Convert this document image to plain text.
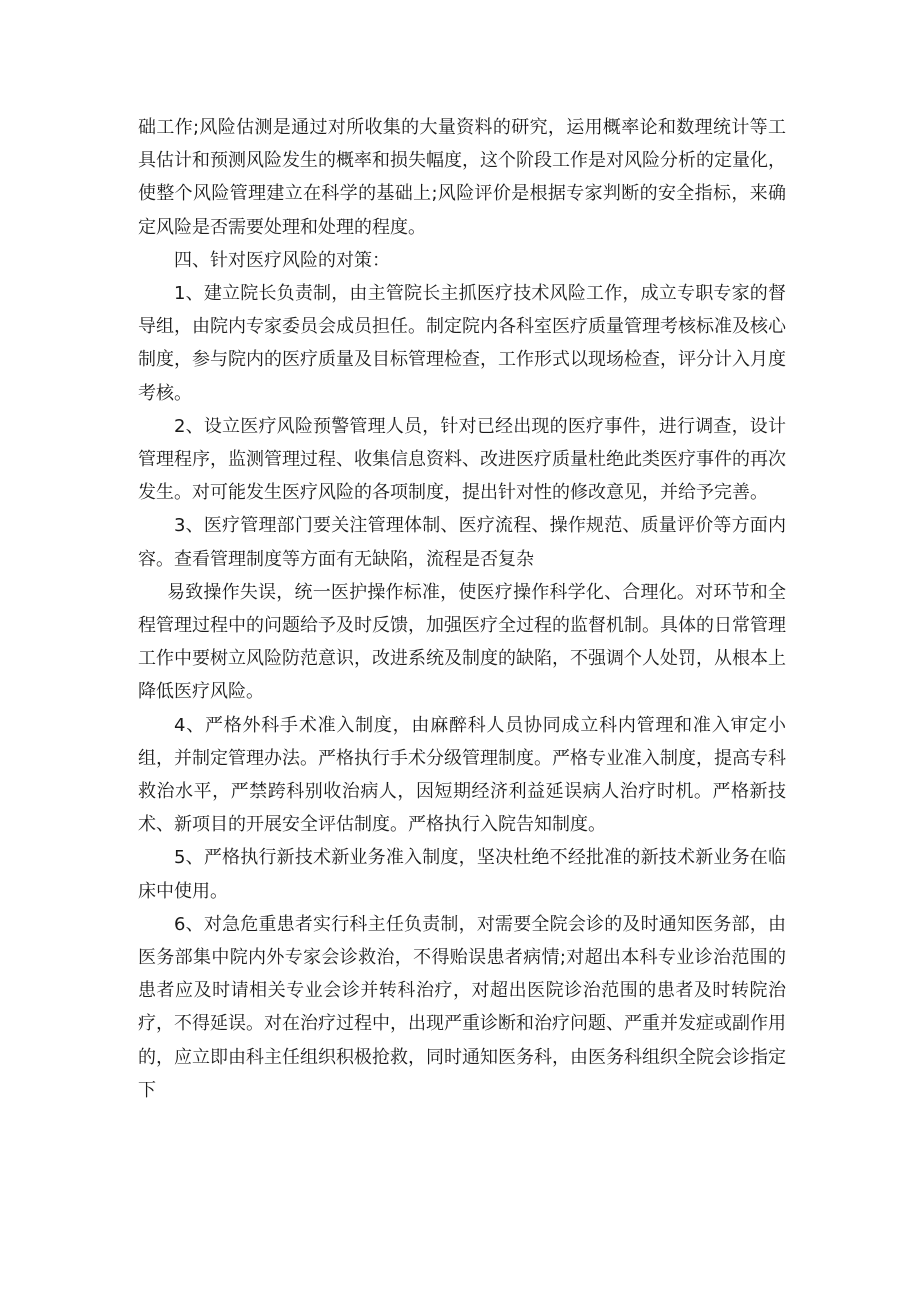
础工作;风险估测是通过对所收集的大量资料的研究，运用概率论和数理统计等工具估计和预测风险发生的概率和损失幅度，这个阶段工作是对风险分析的定量化，使整个风险管理建立在科学的基础上;风险评价是根据专家判断的安全指标，来确定风险是否需要处理和处理的程度。

四、针对医疗风险的对策：

1、建立院长负责制，由主管院长主抓医疗技术风险工作，成立专职专家的督导组，由院内专家委员会成员担任。制定院内各科室医疗质量管理考核标准及核心制度，参与院内的医疗质量及目标管理检查，工作形式以现场检查，评分计入月度考核。

2、设立医疗风险预警管理人员，针对已经出现的医疗事件，进行调查，设计管理程序，监测管理过程、收集信息资料、改进医疗质量杜绝此类医疗事件的再次发生。对可能发生医疗风险的各项制度，提出针对性的修改意见，并给予完善。

3、医疗管理部门要关注管理体制、医疗流程、操作规范、质量评价等方面内容。查看管理制度等方面有无缺陷，流程是否复杂

易致操作失误，统一医护操作标准，使医疗操作科学化、合理化。对环节和全程管理过程中的问题给予及时反馈，加强医疗全过程的监督机制。具体的日常管理工作中要树立风险防范意识，改进系统及制度的缺陷，不强调个人处罚，从根本上降低医疗风险。

4、严格外科手术准入制度，由麻醉科人员协同成立科内管理和准入审定小组，并制定管理办法。严格执行手术分级管理制度。严格专业准入制度，提高专科救治水平，严禁跨科别收治病人，因短期经济利益延误病人治疗时机。严格新技术、新项目的开展安全评估制度。严格执行入院告知制度。

5、严格执行新技术新业务准入制度，坚决杜绝不经批准的新技术新业务在临床中使用。

6、对急危重患者实行科主任负责制，对需要全院会诊的及时通知医务部，由医务部集中院内外专家会诊救治，不得贻误患者病情;对超出本科专业诊治范围的患者应及时请相关专业会诊并转科治疗，对超出医院诊治范围的患者及时转院治疗，不得延误。对在治疗过程中，出现严重诊断和治疗问题、严重并发症或副作用的，应立即由科主任组织积极抢救，同时通知医务科，由医务科组织全院会诊指定下
